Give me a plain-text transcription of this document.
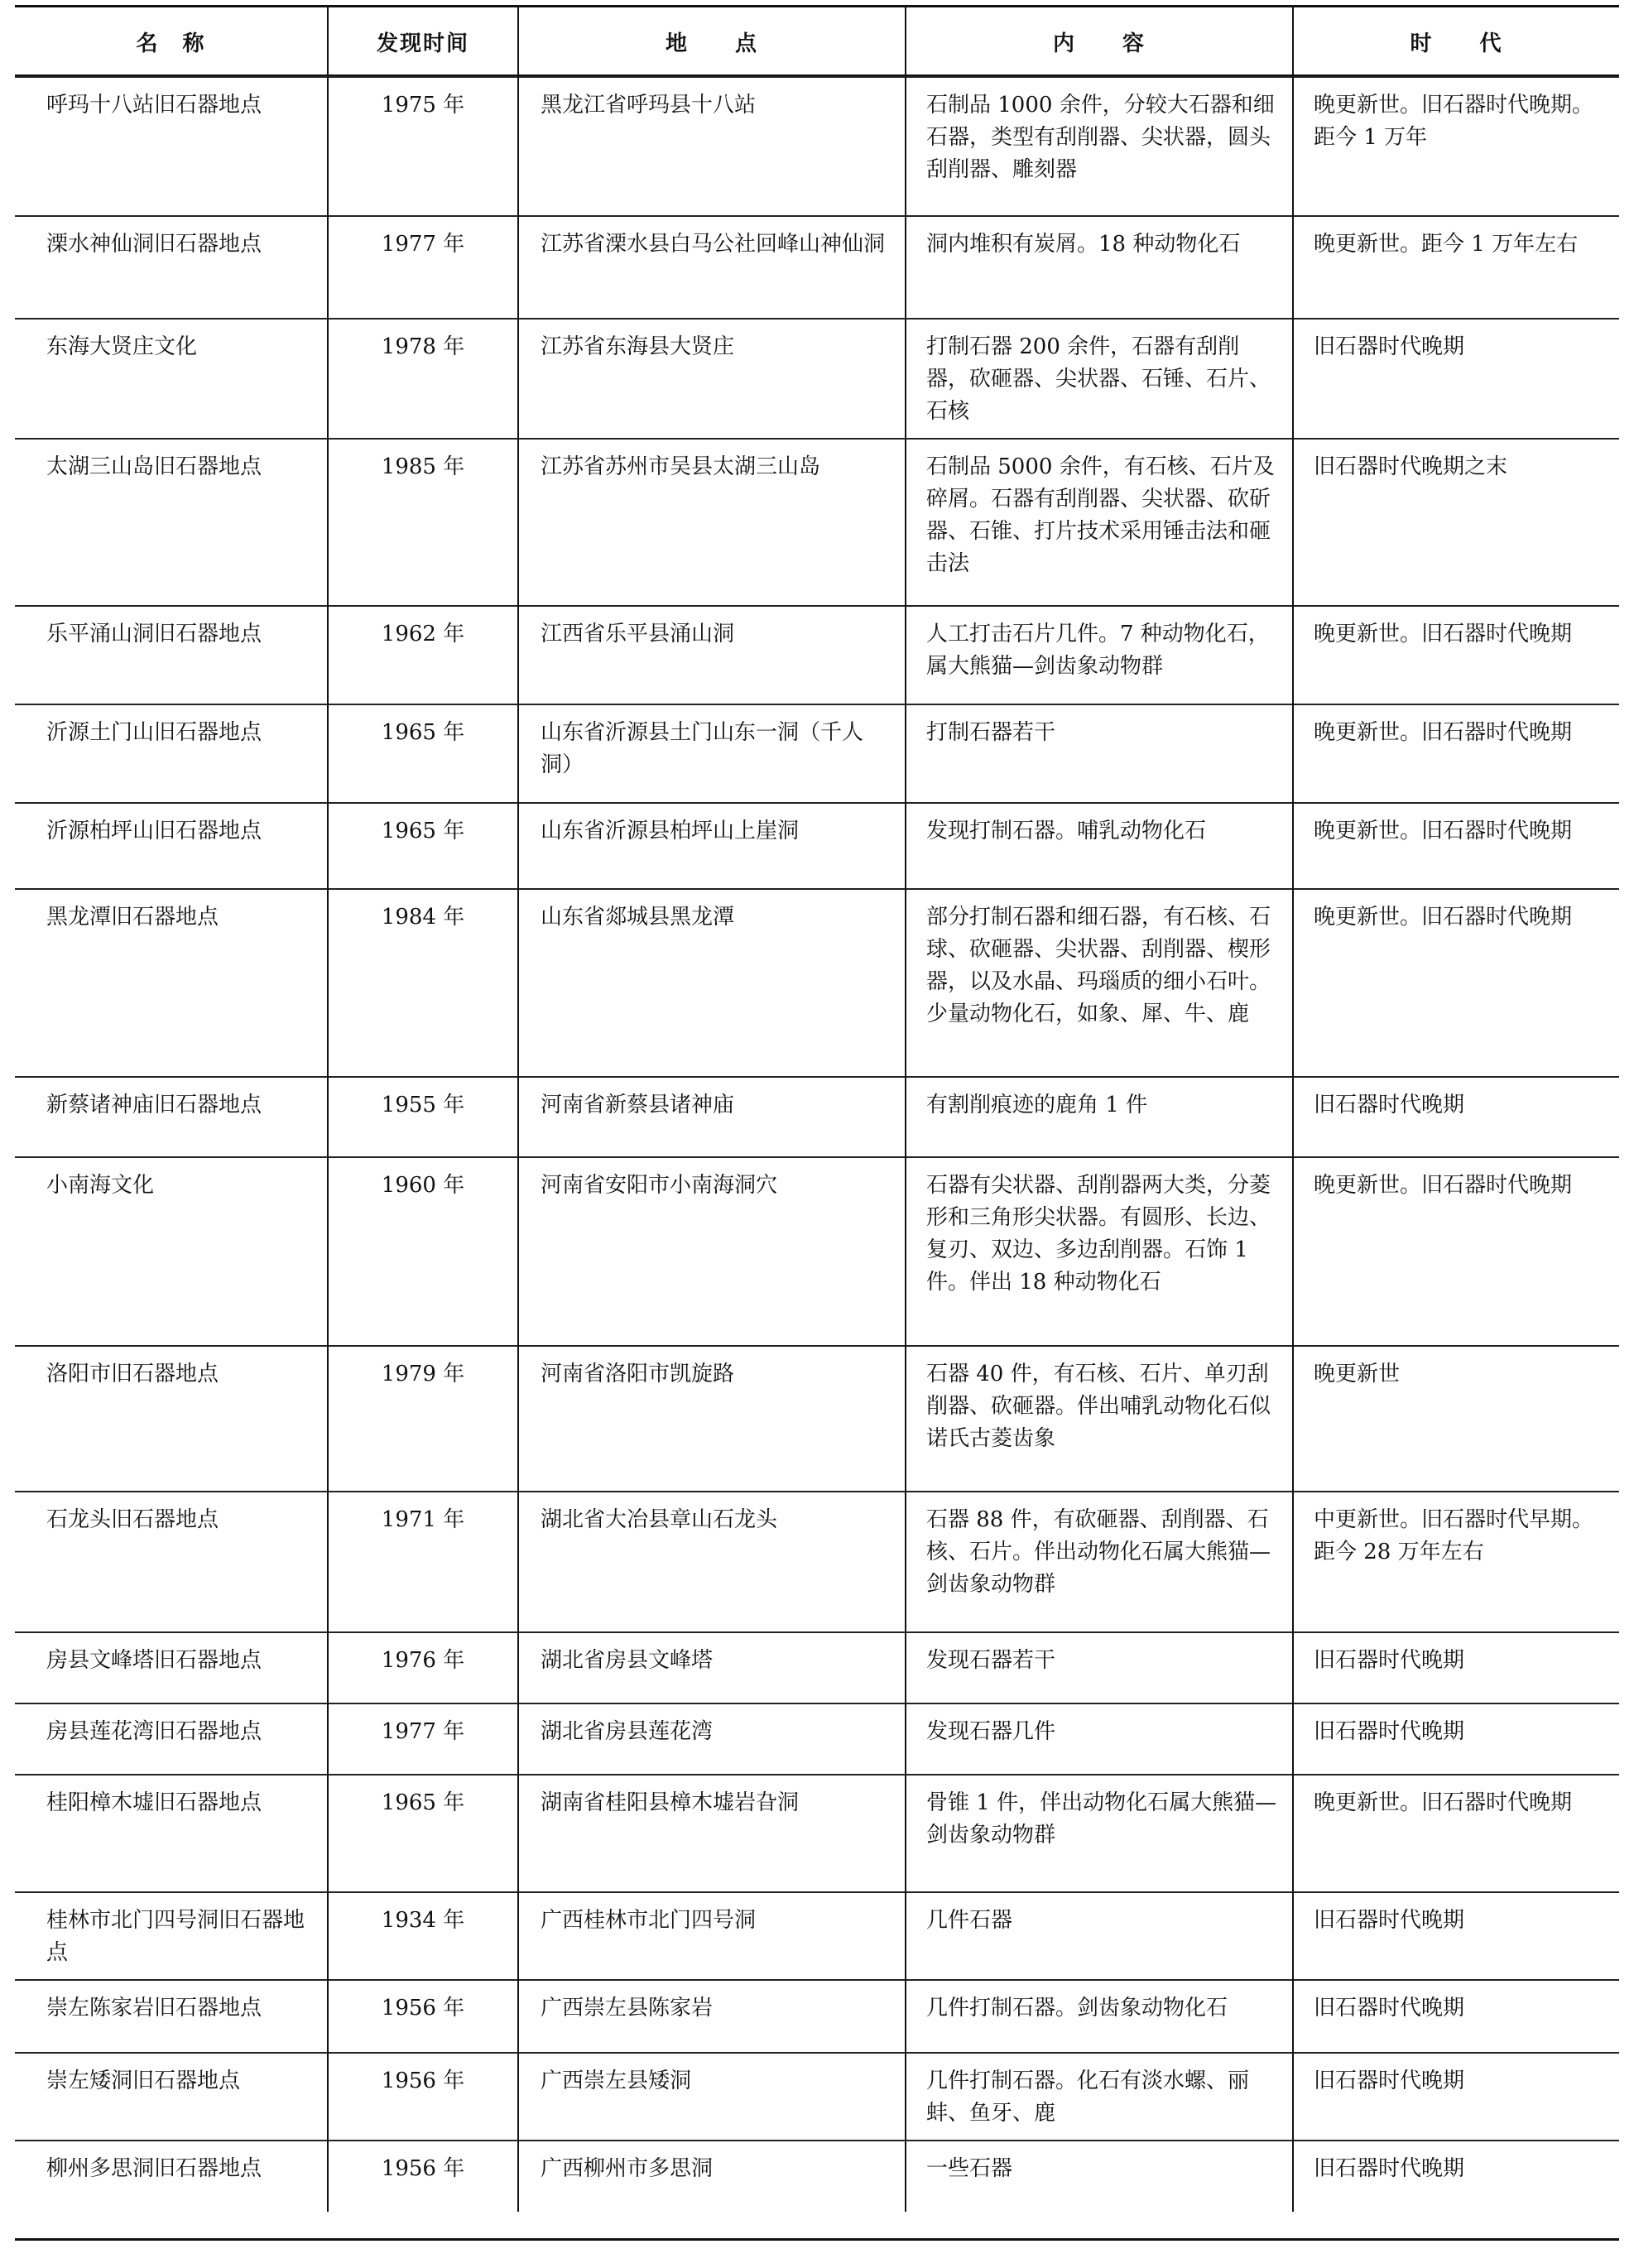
名　称	发现时间	地　　点	内　　容	时　　代
呼玛十八站旧石器地点	1975 年	黑龙江省呼玛县十八站	石制品 1000 余件，分较大石器和细石器，类型有刮削器、尖状器，圆头刮削器、雕刻器	晚更新世。旧石器时代晚期。距今 1 万年
溧水神仙洞旧石器地点	1977 年	江苏省溧水县白马公社回峰山神仙洞	洞内堆积有炭屑。18 种动物化石	晚更新世。距今 1 万年左右
东海大贤庄文化	1978 年	江苏省东海县大贤庄	打制石器 200 余件，石器有刮削器，砍砸器、尖状器、石锤、石片、石核	旧石器时代晚期
太湖三山岛旧石器地点	1985 年	江苏省苏州市吴县太湖三山岛	石制品 5000 余件，有石核、石片及碎屑。石器有刮削器、尖状器、砍斫器、石锥、打片技术采用锤击法和砸击法	旧石器时代晚期之末
乐平涌山洞旧石器地点	1962 年	江西省乐平县涌山洞	人工打击石片几件。7 种动物化石，属大熊猫—剑齿象动物群	晚更新世。旧石器时代晚期
沂源土门山旧石器地点	1965 年	山东省沂源县土门山东一洞（千人洞）	打制石器若干	晚更新世。旧石器时代晚期
沂源柏坪山旧石器地点	1965 年	山东省沂源县柏坪山上崖洞	发现打制石器。哺乳动物化石	晚更新世。旧石器时代晚期
黑龙潭旧石器地点	1984 年	山东省郯城县黑龙潭	部分打制石器和细石器，有石核、石球、砍砸器、尖状器、刮削器、楔形器，以及水晶、玛瑙质的细小石叶。少量动物化石，如象、犀、牛、鹿	晚更新世。旧石器时代晚期
新蔡诸神庙旧石器地点	1955 年	河南省新蔡县诸神庙	有割削痕迹的鹿角 1 件	旧石器时代晚期
小南海文化	1960 年	河南省安阳市小南海洞穴	石器有尖状器、刮削器两大类，分菱形和三角形尖状器。有圆形、长边、复刃、双边、多边刮削器。石饰 1 件。伴出 18 种动物化石	晚更新世。旧石器时代晚期
洛阳市旧石器地点	1979 年	河南省洛阳市凯旋路	石器 40 件，有石核、石片、单刃刮削器、砍砸器。伴出哺乳动物化石似诺氏古菱齿象	晚更新世
石龙头旧石器地点	1971 年	湖北省大冶县章山石龙头	石器 88 件，有砍砸器、刮削器、石核、石片。伴出动物化石属大熊猫—剑齿象动物群	中更新世。旧石器时代早期。距今 28 万年左右
房县文峰塔旧石器地点	1976 年	湖北省房县文峰塔	发现石器若干	旧石器时代晚期
房县莲花湾旧石器地点	1977 年	湖北省房县莲花湾	发现石器几件	旧石器时代晚期
桂阳樟木墟旧石器地点	1965 年	湖南省桂阳县樟木墟岩旮洞	骨锥 1 件，伴出动物化石属大熊猫—剑齿象动物群	晚更新世。旧石器时代晚期
桂林市北门四号洞旧石器地点	1934 年	广西桂林市北门四号洞	几件石器	旧石器时代晚期
崇左陈家岩旧石器地点	1956 年	广西崇左县陈家岩	几件打制石器。剑齿象动物化石	旧石器时代晚期
崇左矮洞旧石器地点	1956 年	广西崇左县矮洞	几件打制石器。化石有淡水螺、丽蚌、鱼牙、鹿	旧石器时代晚期
柳州多思洞旧石器地点	1956 年	广西柳州市多思洞	一些石器	旧石器时代晚期
